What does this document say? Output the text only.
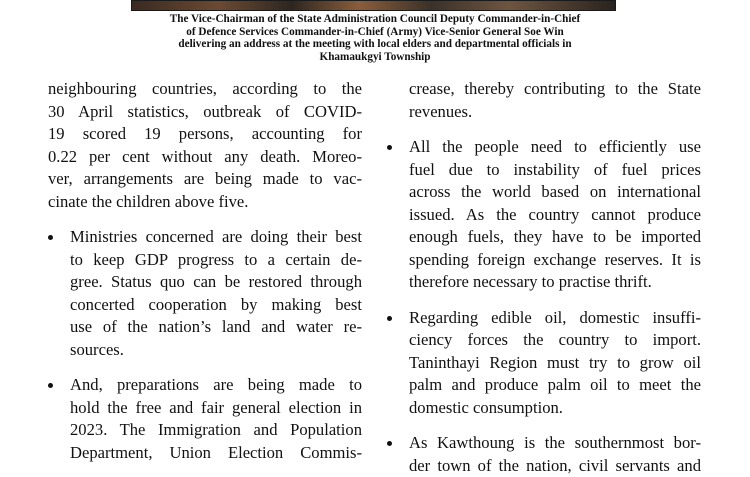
The Vice-Chairman of the State Administration Council Deputy Commander-in-Chief
of Defence Services Commander-in-Chief (Army) Vice-Senior General Soe Win
delivering an address at the meeting with local elders and departmental officials in
Khamaukgyi Township
neighbouring countries, according to the
30 April statistics, outbreak of COVID-
19 scored 19 persons, accounting for
0.22 per cent without any death. Moreo-
ver, arrangements are being made to vac-
cinate the children above five.
Ministries concerned are doing their best
to keep GDP progress to a certain de-
gree. Status quo can be restored through
concerted cooperation by making best
use of the nation’s land and water re-
sources.
And, preparations are being made to
hold the free and fair general election in
2023. The Immigration and Population
Department, Union Election Commis-
crease, thereby contributing to the State
revenues.
All the people need to efficiently use
fuel due to instability of fuel prices
across the world based on international
issued. As the country cannot produce
enough fuels, they have to be imported
spending foreign exchange reserves. It is
therefore necessary to practise thrift.
Regarding edible oil, domestic insuffi-
ciency forces the country to import.
Taninthayi Region must try to grow oil
palm and produce palm oil to meet the
domestic consumption.
As Kawthoung is the southernmost bor-
der town of the nation, civil servants and
